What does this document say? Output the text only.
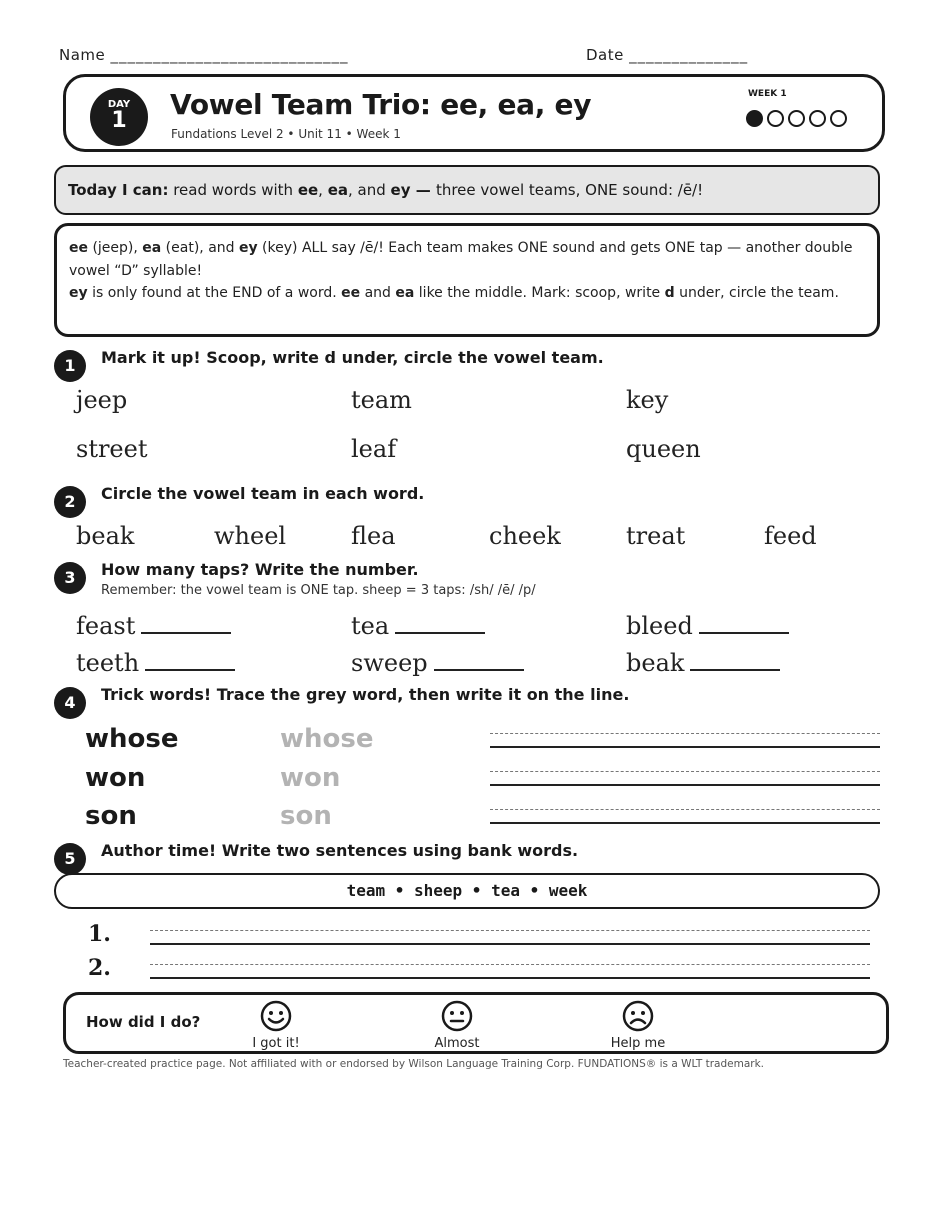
Name ____________________________	Date ______________
DAY
1	Vowel Team Trio: ee, ea, ey
Fundations Level 2 • Unit 11 • Week 1
WEEK 1
Today I can: read words with ee, ea, and ey — three vowel teams, ONE sound: /ē/!
ee (jeep), ea (eat), and ey (key) ALL say /ē/! Each team makes ONE sound and gets ONE tap — another double vowel “D” syllable!
ey is only found at the END of a word. ee and ea like the middle. Mark: scoop, write d under, circle the team.
1	Mark it up! Scoop, write d under, circle the vowel team.
jeep	team	key
street	leaf	queen
2	Circle the vowel team in each word.
beak	wheel	flea	cheek	treat	feed
3	How many taps? Write the number.
Remember: the vowel team is ONE tap. sheep = 3 taps: /sh/ /ē/ /p/
feast	tea	bleed
teeth	sweep	beak
4	Trick words! Trace the grey word, then write it on the line.
whose	whose
won	won
son	son
5	Author time! Write two sentences using bank words.
team • sheep • tea • week
1.
2.
How did I do?
I got it!	Almost	Help me
Teacher-created practice page. Not affiliated with or endorsed by Wilson Language Training Corp. FUNDATIONS® is a WLT trademark.
